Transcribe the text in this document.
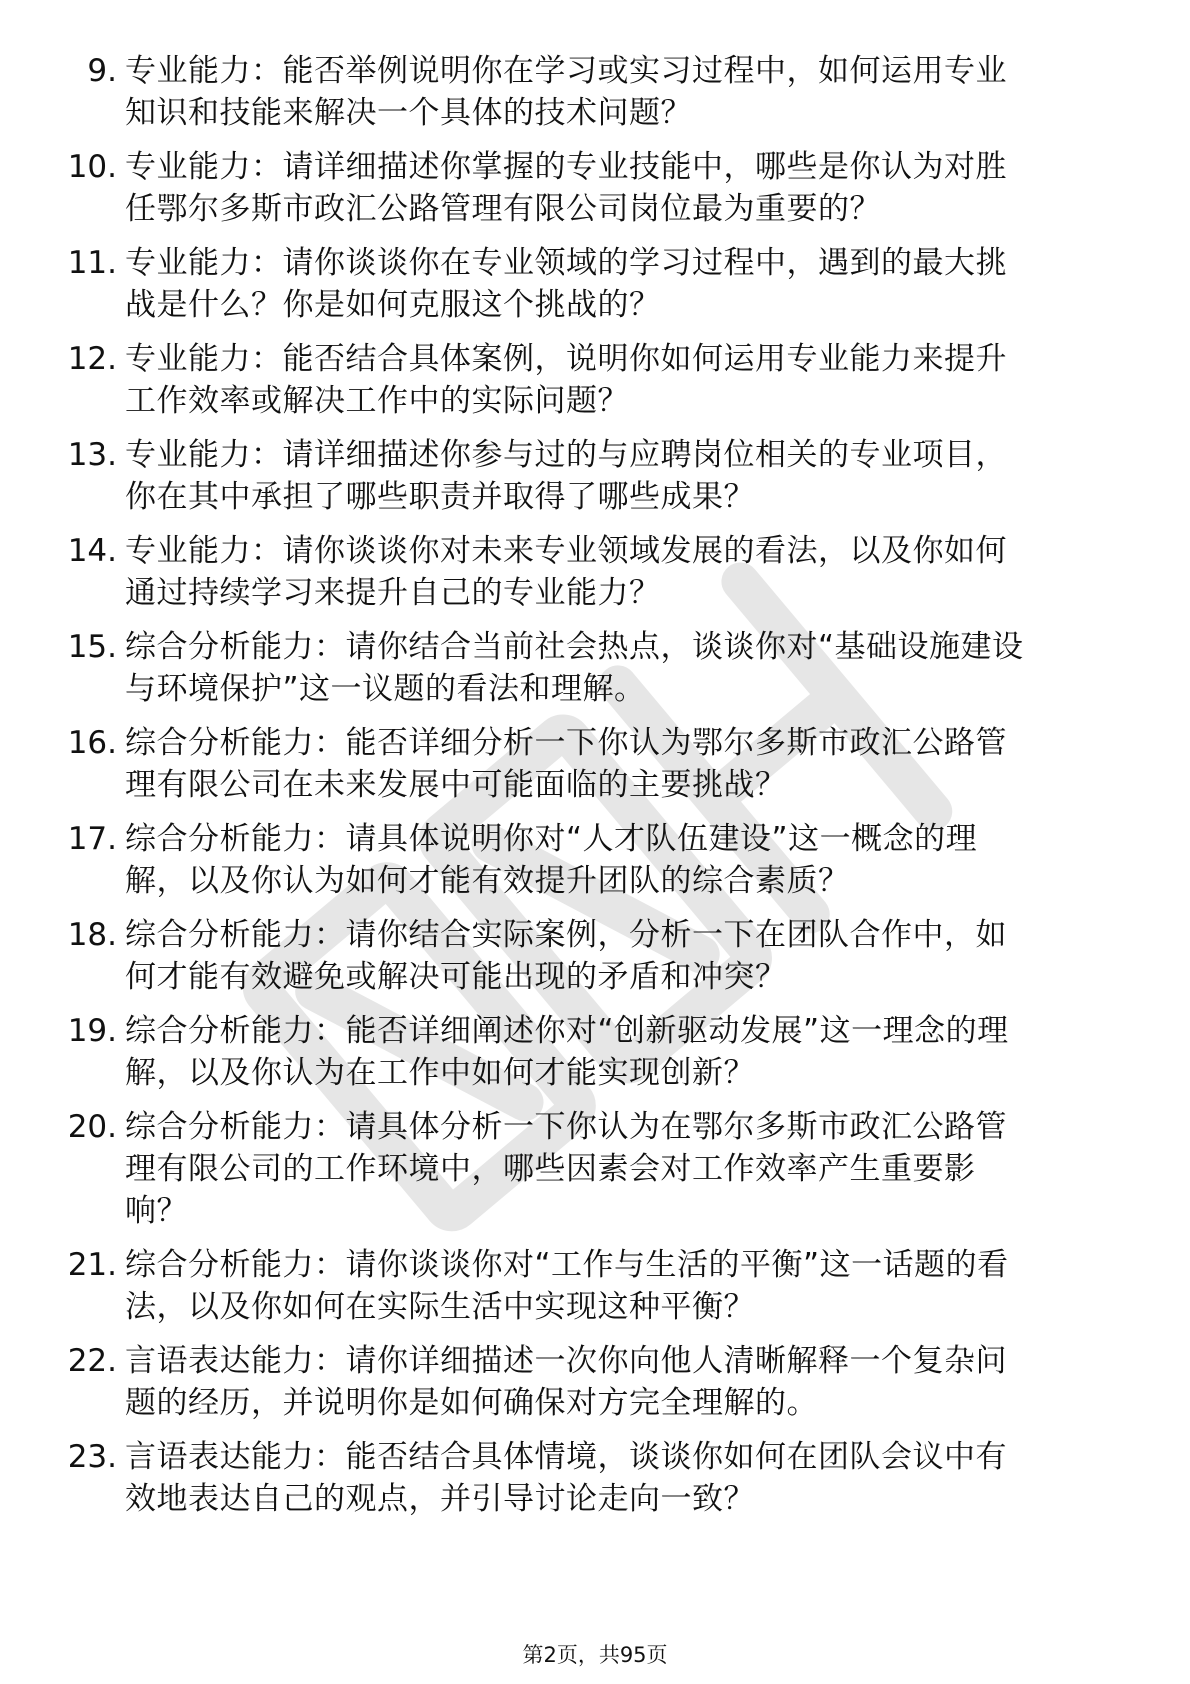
9. 专业能力：能否举例说明你在学习或实习过程中，如何运用专业
知识和技能来解决一个具体的技术问题？
10. 专业能力：请详细描述你掌握的专业技能中，哪些是你认为对胜
任鄂尔多斯市政汇公路管理有限公司岗位最为重要的？
11. 专业能力：请你谈谈你在专业领域的学习过程中，遇到的最大挑
战是什么？你是如何克服这个挑战的？
12. 专业能力：能否结合具体案例，说明你如何运用专业能力来提升
工作效率或解决工作中的实际问题？
13. 专业能力：请详细描述你参与过的与应聘岗位相关的专业项目，
你在其中承担了哪些职责并取得了哪些成果？
14. 专业能力：请你谈谈你对未来专业领域发展的看法，以及你如何
通过持续学习来提升自己的专业能力？
15. 综合分析能力：请你结合当前社会热点，谈谈你对“基础设施建设
与环境保护”这一议题的看法和理解。
16. 综合分析能力：能否详细分析一下你认为鄂尔多斯市政汇公路管
理有限公司在未来发展中可能面临的主要挑战？
17. 综合分析能力：请具体说明你对“人才队伍建设”这一概念的理
解，以及你认为如何才能有效提升团队的综合素质？
18. 综合分析能力：请你结合实际案例，分析一下在团队合作中，如
何才能有效避免或解决可能出现的矛盾和冲突？
19. 综合分析能力：能否详细阐述你对“创新驱动发展”这一理念的理
解，以及你认为在工作中如何才能实现创新？
20. 综合分析能力：请具体分析一下你认为在鄂尔多斯市政汇公路管
理有限公司的工作环境中，哪些因素会对工作效率产生重要影
响？
21. 综合分析能力：请你谈谈你对“工作与生活的平衡”这一话题的看
法，以及你如何在实际生活中实现这种平衡？
22. 言语表达能力：请你详细描述一次你向他人清晰解释一个复杂问
题的经历，并说明你是如何确保对方完全理解的。
23. 言语表达能力：能否结合具体情境，谈谈你如何在团队会议中有
效地表达自己的观点，并引导讨论走向一致？
第2页，共95页
